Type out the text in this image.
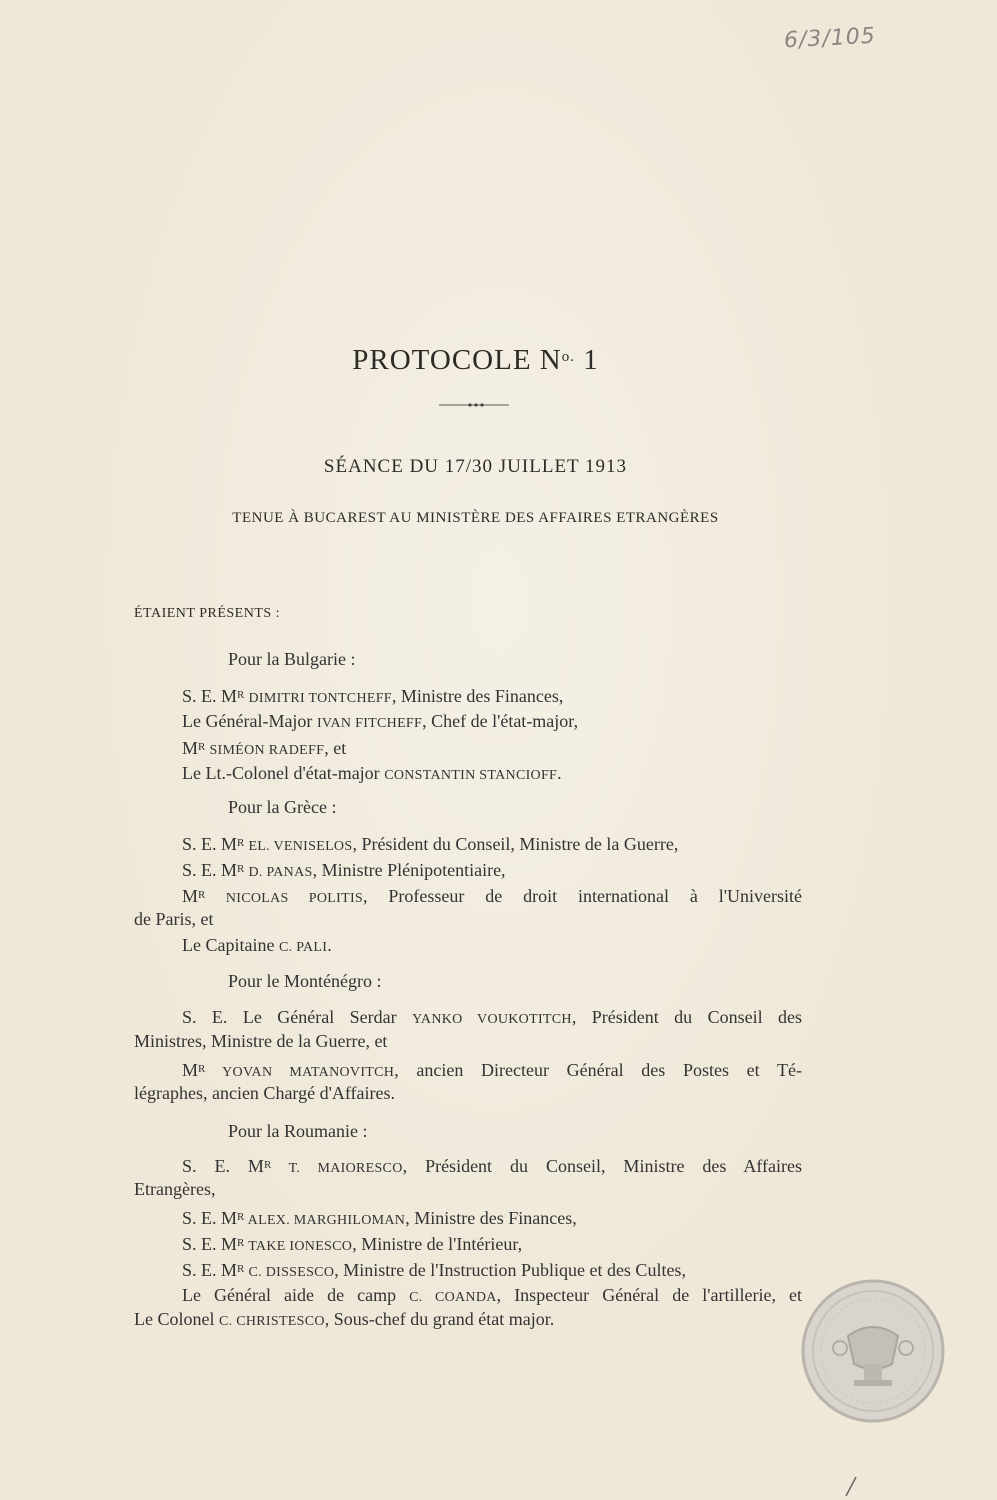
6/3/105
PROTOCOLE $N^{o.}$ 1
SÉANCE DU 17/30 JUILLET 1913
TENUE À BUCAREST AU MINISTÈRE DES AFFAIRES ETRANGÈRES
ÉTAIENT PRÉSENTS :
Pour la Bulgarie :
S. E. $M^R$ DIMITRI TONTCHEFF, Ministre des Finances,
Le Général-Major IVAN FITCHEFF, Chef de l'état-major,
$M^R$ SIMÉON RADEFF, et
Le Lt.-Colonel d'état-major CONSTANTIN STANCIOFF.
Pour la Grèce :
S. E. $M^R$ EL. VENISELOS, Président du Conseil, Ministre de la Guerre,
S. E. $M^R$ D. PANAS, Ministre Plénipotentiaire,
$M^R$ NICOLAS POLITIS, Professeur de droit international à l'Université
de Paris, et
Le Capitaine C. PALI.
Pour le Monténégro :
S. E. Le Général Serdar YANKO VOUKOTITCH, Président du Conseil des
Ministres, Ministre de la Guerre, et
$M^R$ YOVAN MATANOVITCH, ancien Directeur Général des Postes et Té-
légraphes, ancien Chargé d'Affaires.
Pour la Roumanie :
S. E. $M^R$ T. MAIORESCO, Président du Conseil, Ministre des Affaires
Etrangères,
S. E. $M^R$ ALEX. MARGHILOMAN, Ministre des Finances,
S. E. $M^R$ TAKE IONESCO, Ministre de l'Intérieur,
S. E. $M^R$ C. DISSESCO, Ministre de l'Instruction Publique et des Cultes,
Le Général aide de camp C. COANDA, Inspecteur Général de l'artillerie, et
Le Colonel C. CHRISTESCO, Sous-chef du grand état major.
